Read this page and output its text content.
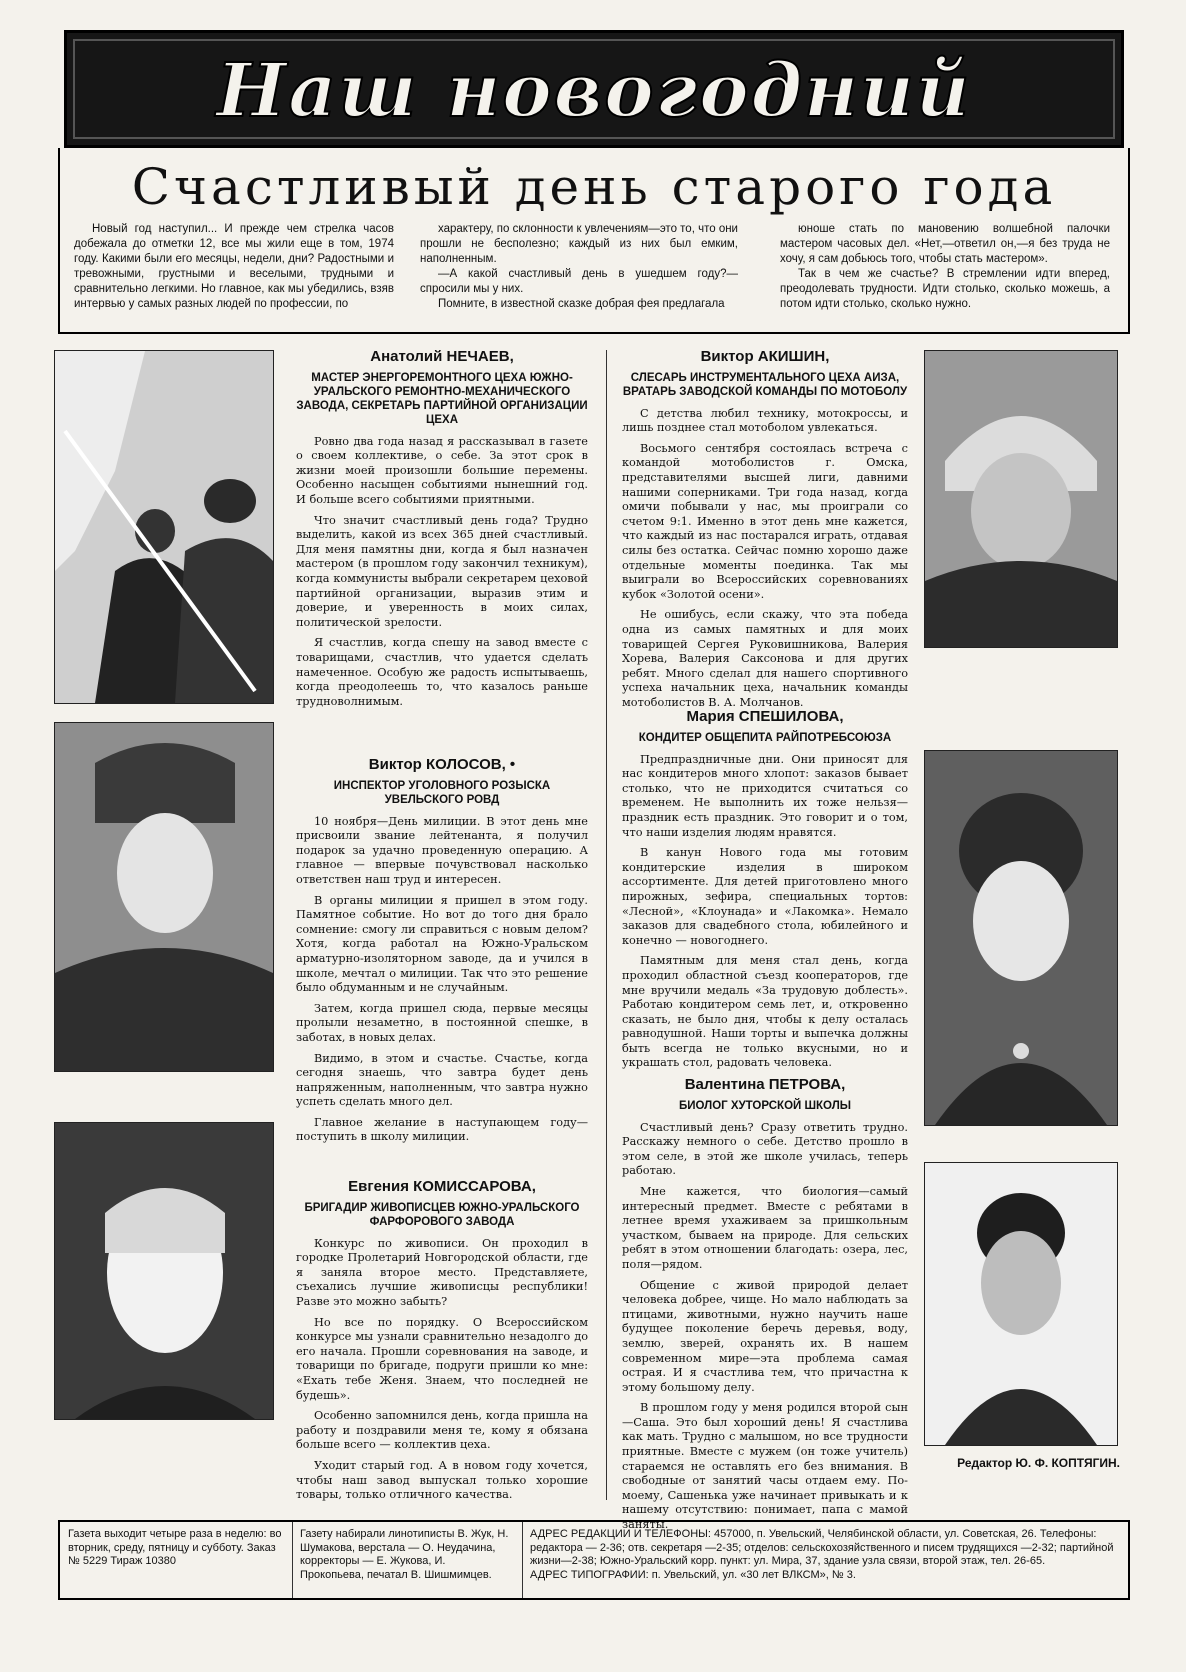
Наш новогодний
Счастливый день старого года

Новый год наступил... И прежде чем стрелка часов добежала до отметки 12, все мы жили еще в том, 1974 году. Какими были его месяцы, недели, дни? Радостными и тревожными, грустными и веселыми, трудными и сравнительно легкими. Но главное, как мы убедились, взяв интервью у самых разных людей по профессии, по

характеру, по склонности к увлечениям—это то, что они прошли не бесполезно; каждый из них был емким, наполненным.

—А какой счастливый день в ушедшем году?—спросили мы у них.

Помните, в известной сказке добрая фея предлагала

юноше стать по мановению волшебной палочки мастером часовых дел. «Нет,—ответил он,—я без труда не хочу, я сам добьюсь того, чтобы стать мастером».

Так в чем же счастье? В стремлении идти вперед, преодолевать трудности. Идти столько, сколько можешь, а потом идти столько, сколько нужно.

Анатолий НЕЧАЕВ,
МАСТЕР ЭНЕРГОРЕМОНТНОГО ЦЕХА ЮЖНО-УРАЛЬСКОГО РЕМОНТНО-МЕХАНИЧЕСКОГО ЗАВОДА, СЕКРЕТАРЬ ПАРТИЙНОЙ ОРГАНИЗАЦИИ ЦЕХА

Ровно два года назад я рассказывал в газете о своем коллективе, о себе. За этот срок в жизни моей произошли большие перемены. Особенно насыщен событиями нынешний год. И больше всего событиями приятными.

Что значит счастливый день года? Трудно выделить, какой из всех 365 дней счастливый. Для меня памятны дни, когда я был назначен мастером (в прошлом году закончил техникум), когда коммунисты выбрали секретарем цеховой партийной организации, выразив этим и доверие, и уверенность в моих силах, политической зрелости.

Я счастлив, когда спешу на завод вместе с товарищами, счастлив, что удается сделать намеченное. Особую же радость испытываешь, когда преодолеешь то, что казалось раньше трудноволнимым.

Виктор КОЛОСОВ, •
ИНСПЕКТОР УГОЛОВНОГО РОЗЫСКА УВЕЛЬСКОГО РОВД

10 ноября—День милиции. В этот день мне присвоили звание лейтенанта, я получил подарок за удачно проведенную операцию. А главное — впервые почувствовал насколько ответствен наш труд и интересен.

В органы милиции я пришел в этом году. Памятное событие. Но вот до того дня брало сомнение: смогу ли справиться с новым делом? Хотя, когда работал на Южно-Уральском арматурно-изоляторном заводе, да и учился в школе, мечтал о милиции. Так что это решение было обдуманным и не случайным.

Затем, когда пришел сюда, первые месяцы пролыли незаметно, в постоянной спешке, в заботах, в новых делах.

Видимо, в этом и счастье. Счастье, когда сегодня знаешь, что завтра будет день напряженным, наполненным, что завтра нужно успеть сделать много дел.

Главное желание в наступающем году—поступить в школу милиции.

Евгения КОМИССАРОВА,
БРИГАДИР ЖИВОПИСЦЕВ ЮЖНО-УРАЛЬСКОГО ФАРФОРОВОГО ЗАВОДА

Конкурс по живописи. Он проходил в городке Пролетарий Новгородской области, где я заняла второе место. Представляете, съехались лучшие живописцы республики! Разве это можно забыть?

Но все по порядку. О Всероссийском конкурсе мы узнали сравнительно незадолго до его начала. Прошли соревнования на заводе, и товарищи по бригаде, подруги пришли ко мне: «Ехать тебе Женя. Знаем, что последней не будешь».

Особенно запомнился день, когда пришла на работу и поздравили меня те, кому я обязана больше всего — коллектив цеха.

Уходит старый год. А в новом году хочется, чтобы наш завод выпускал только хорошие товары, только отличного качества.

Виктор АКИШИН,
СЛЕСАРЬ ИНСТРУМЕНТАЛЬНОГО ЦЕХА АИЗА, ВРАТАРЬ ЗАВОДСКОЙ КОМАНДЫ ПО МОТОБОЛУ

С детства любил технику, мотокроссы, и лишь позднее стал мотоболом увлекаться.

Восьмого сентября состоялась встреча с командой мотоболистов г. Омска, представителями высшей лиги, давними нашими соперниками. Три года назад, когда омичи побывали у нас, мы проиграли со счетом 9:1. Именно в этот день мне кажется, что каждый из нас постарался играть, отдавая силы без остатка. Сейчас помню хорошо даже отдельные моменты поединка. Так мы выиграли во Всероссийских соревнованиях кубок «Золотой осени».

Не ошибусь, если скажу, что эта победа одна из самых памятных и для моих товарищей Сергея Руковишникова, Валерия Хорева, Валерия Саксонова и для других ребят. Много сделал для нашего спортивного успеха начальник цеха, начальник команды мотоболистов В. А. Молчанов.

Мария СПЕШИЛОВА,
КОНДИТЕР ОБЩЕПИТА РАЙПОТРЕБСОЮЗА

Предпраздничные дни. Они приносят для нас кондитеров много хлопот: заказов бывает столько, что не приходится считаться со временем. Не выполнить их тоже нельзя—праздник есть праздник. Это говорит и о том, что наши изделия людям нравятся.

В канун Нового года мы готовим кондитерские изделия в широком ассортименте. Для детей приготовлено много пирожных, зефира, специальных тортов: «Лесной», «Клоунада» и «Лакомка». Немало заказов для свадебного стола, юбилейного и конечно — новогоднего.

Памятным для меня стал день, когда проходил областной съезд кооператоров, где мне вручили медаль «За трудовую доблесть». Работаю кондитером семь лет, и, откровенно сказать, не было дня, чтобы к делу осталась равнодушной. Наши торты и выпечка должны быть всегда не только вкусными, но и украшать стол, радовать человека.

Валентина ПЕТРОВА,
БИОЛОГ ХУТОРСКОЙ ШКОЛЫ

Счастливый день? Сразу ответить трудно. Расскажу немного о себе. Детство прошло в этом селе, в этой же школе училась, теперь работаю.

Мне кажется, что биология—самый интересный предмет. Вместе с ребятами в летнее время ухаживаем за пришкольным участком, бываем на природе. Для сельских ребят в этом отношении благодать: озера, лес, поля—рядом.

Общение с живой природой делает человека добрее, чище. Но мало наблюдать за птицами, животными, нужно научить наше будущее поколение беречь деревья, воду, землю, зверей, охранять их. В нашем современном мире—эта проблема самая острая. И я счастлива тем, что причастна к этому большому делу.

В прошлом году у меня родился второй сын—Саша. Это был хороший день! Я счастлива как мать. Трудно с малышом, но все трудности приятные. Вместе с мужем (он тоже учитель) стараемся не оставлять его без внимания. В свободные от занятий часы отдаем ему. По-моему, Сашенька уже начинает привыкать и к нашему отсутствию: понимает, папа с мамой заняты.

Редактор Ю. Ф. КОПТЯГИН.
Газета выходит четыре раза в неделю: во вторник, среду, пятницу и субботу. Заказ № 5229 Тираж 10380
Газету набирали линотиписты В. Жук, Н. Шумакова, верстала — О. Неудачина, корректоры — Е. Жукова, И. Прокопьева, печатал В. Шишмимцев.
АДРЕС РЕДАКЦИИ И ТЕЛЕФОНЫ: 457000, п. Увельский, Челябинской области, ул. Советская, 26. Телефоны: редактора — 2-36; отв. секретаря —2-35; отделов: сельскохозяйственного и писем трудящихся —2-32; партийной жизни—2-38; Южно-Уральский корр. пункт: ул. Мира, 37, здание узла связи, второй этаж, тел. 26-65.
АДРЕС ТИПОГРАФИИ: п. Увельский, ул. «30 лет ВЛКСМ», № 3.
